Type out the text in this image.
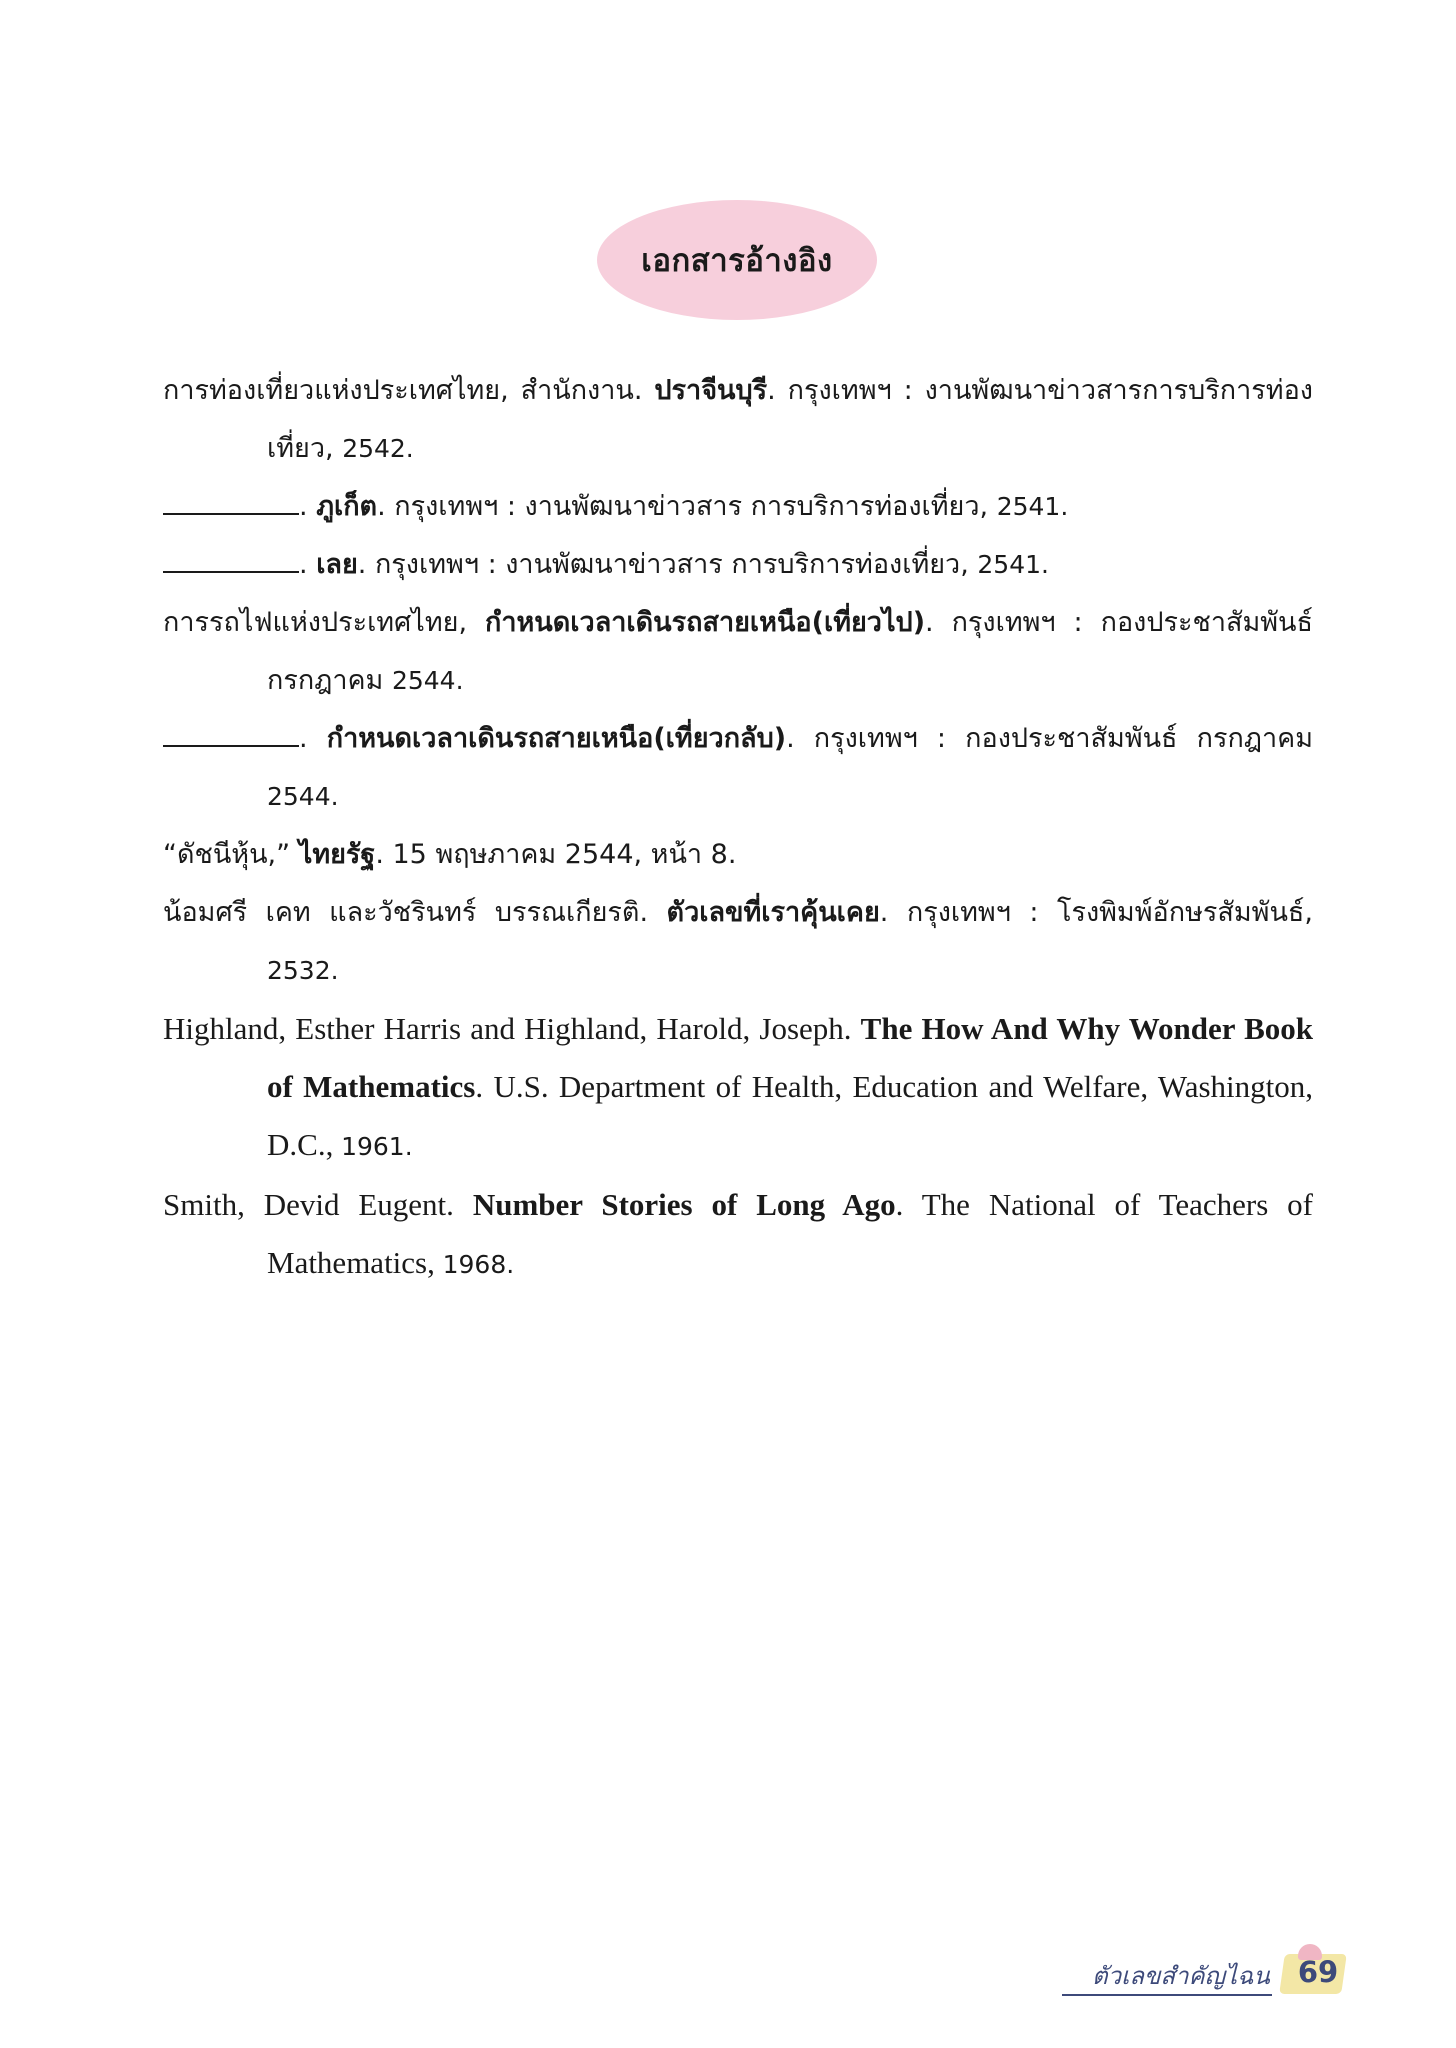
เอกสารอ้างอิง

การท่องเที่ยวแห่งประเทศไทย, สำนักงาน. ปราจีนบุรี. กรุงเทพฯ : งานพัฒนาข่าวสารการบริการท่องเที่ยว, 2542.

. ภูเก็ต. กรุงเทพฯ : งานพัฒนาข่าวสาร การบริการท่องเที่ยว, 2541.

. เลย. กรุงเทพฯ : งานพัฒนาข่าวสาร การบริการท่องเที่ยว, 2541.

การรถไฟแห่งประเทศไทย, กำหนดเวลาเดินรถสายเหนือ(เที่ยวไป). กรุงเทพฯ : กองประชาสัมพันธ์ กรกฎาคม 2544.

. กำหนดเวลาเดินรถสายเหนือ(เที่ยวกลับ). กรุงเทพฯ : กองประชาสัมพันธ์ กรกฎาคม 2544.

“ดัชนีหุ้น,” ไทยรัฐ. 15 พฤษภาคม 2544, หน้า 8.

น้อมศรี เคท และวัชรินทร์ บรรณเกียรติ. ตัวเลขที่เราคุ้นเคย. กรุงเทพฯ : โรงพิมพ์อักษรสัมพันธ์, 2532.

Highland, Esther Harris and Highland, Harold, Joseph. The How And Why Wonder Book of Mathematics. U.S. Department of Health, Education and Welfare, Washington, D.C., 1961.

Smith, Devid Eugent. Number Stories of Long Ago. The National of Teachers of Mathematics, 1968.

ตัวเลขสำคัญไฉน 69
